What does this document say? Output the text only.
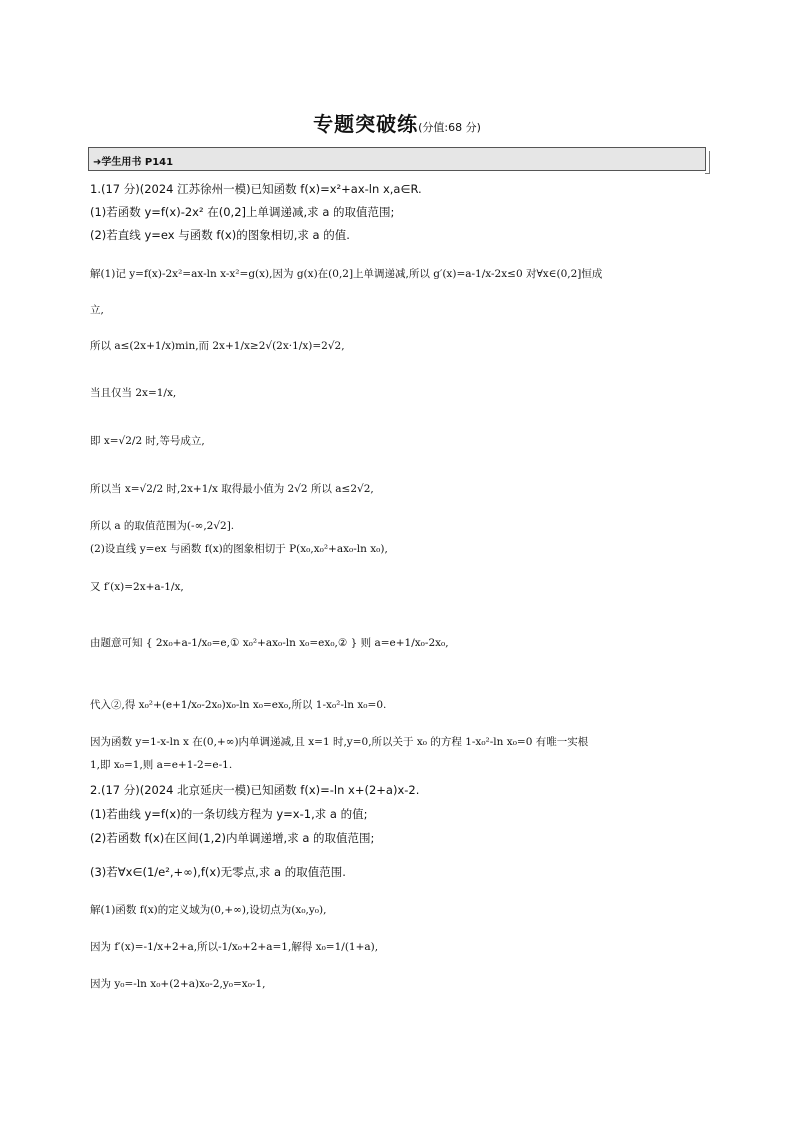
专题突破练(分值:68 分)
➜学生用书 P141
1.(17 分)(2024 江苏徐州一模)已知函数 f(x)=x²+ax-ln x,a∈R.
(1)若函数 y=f(x)-2x² 在(0,2]上单调递减,求 a 的取值范围;
(2)若直线 y=ex 与函数 f(x)的图象相切,求 a 的值.
解(1)记 y=f(x)-2x²=ax-ln x-x²=g(x),因为 g(x)在(0,2]上单调递减,所以 g′(x)=a-1/x-2x≤0 对∀x∈(0,2]恒成
立,
所以 a≤(2x+1/x)min,而 2x+1/x≥2√(2x·1/x)=2√2,
当且仅当 2x=1/x,
即 x=√2/2 时,等号成立,
所以当 x=√2/2 时,2x+1/x 取得最小值为 2√2 所以 a≤2√2,
所以 a 的取值范围为(-∞,2√2].
(2)设直线 y=ex 与函数 f(x)的图象相切于 P(x₀,x₀²+ax₀-ln x₀),
又 f′(x)=2x+a-1/x,
由题意可知 { 2x₀+a-1/x₀=e,① x₀²+ax₀-ln x₀=ex₀,② } 则 a=e+1/x₀-2x₀,
代入②,得 x₀²+(e+1/x₀-2x₀)x₀-ln x₀=ex₀,所以 1-x₀²-ln x₀=0.
因为函数 y=1-x-ln x 在(0,+∞)内单调递减,且 x=1 时,y=0,所以关于 x₀ 的方程 1-x₀²-ln x₀=0 有唯一实根
1,即 x₀=1,则 a=e+1-2=e-1.
2.(17 分)(2024 北京延庆一模)已知函数 f(x)=-ln x+(2+a)x-2.
(1)若曲线 y=f(x)的一条切线方程为 y=x-1,求 a 的值;
(2)若函数 f(x)在区间(1,2)内单调递增,求 a 的取值范围;
(3)若∀x∈(1/e²,+∞),f(x)无零点,求 a 的取值范围.
解(1)函数 f(x)的定义域为(0,+∞),设切点为(x₀,y₀),
因为 f′(x)=-1/x+2+a,所以-1/x₀+2+a=1,解得 x₀=1/(1+a),
因为 y₀=-ln x₀+(2+a)x₀-2,y₀=x₀-1,
